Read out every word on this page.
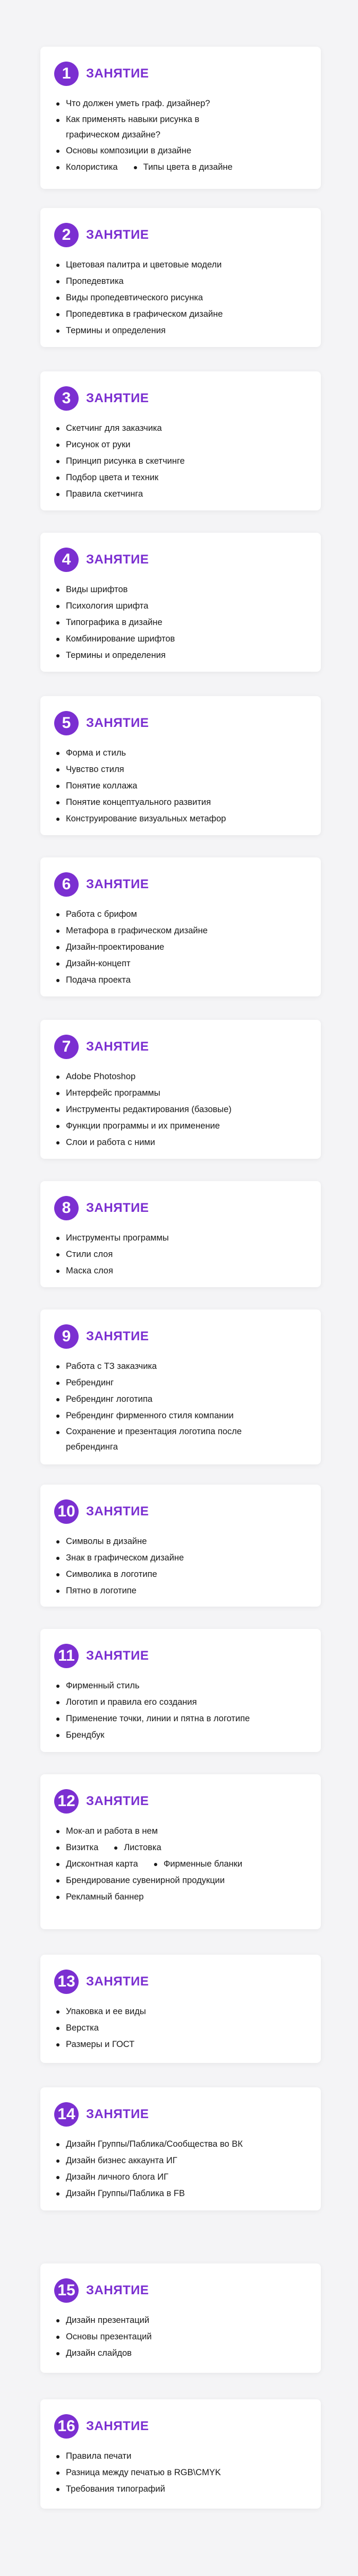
1	ЗАНЯТИЕ
Что должен уметь граф. дизайнер?
Как применять навыки рисунка в графическом дизайне?
Основы композиции в дизайне
Колористика	Типы цвета в дизайне
2	ЗАНЯТИЕ
Цветовая палитра и цветовые модели
Пропедевтика
Виды пропедевтического рисунка
Пропедевтика в графическом дизайне
Термины и определения
3	ЗАНЯТИЕ
Скетчинг для заказчика
Рисунок от руки
Принцип рисунка в скетчинге
Подбор цвета и техник
Правила скетчинга
4	ЗАНЯТИЕ
Виды шрифтов
Психология шрифта
Типографика в дизайне
Комбинирование шрифтов
Термины и определения
5	ЗАНЯТИЕ
Форма и стиль
Чувство стиля
Понятие коллажа
Понятие концептуального развития
Конструирование визуальных метафор
6	ЗАНЯТИЕ
Работа с брифом
Метафора в графическом дизайне
Дизайн-проектирование
Дизайн-концепт
Подача проекта
7	ЗАНЯТИЕ
Adobe Photoshop
Интерфейс программы
Инструменты редактирования (базовые)
Функции программы и их применение
Слои и работа с ними
8	ЗАНЯТИЕ
Инструменты программы
Стили слоя
Маска слоя
9	ЗАНЯТИЕ
Работа с ТЗ заказчика
Ребрендинг
Ребрендинг логотипа
Ребрендинг фирменного стиля компании
Сохранение и презентация логотипа после ребрендинга
10 ЗАНЯТИЕ
Символы в дизайне
Знак в графическом дизайне
Символика в логотипе
Пятно в логотипе
11 ЗАНЯТИЕ
Фирменный стиль
Логотип и правила его создания
Применение точки, линии и пятна в логотипе
Брендбук
12 ЗАНЯТИЕ
Мок-ап и работа в нем
Визитка	Листовка
Дисконтная карта	Фирменные бланки
Брендирование сувенирной продукции
Рекламный баннер
13 ЗАНЯТИЕ
Упаковка и ее виды
Верстка
Размеры и ГОСТ
14 ЗАНЯТИЕ
Дизайн Группы/Паблика/Сообщества во ВК
Дизайн бизнес аккаунта ИГ
Дизайн личного блога ИГ
Дизайн Группы/Паблика в FB
15 ЗАНЯТИЕ
Дизайн презентаций
Основы презентаций
Дизайн слайдов
16 ЗАНЯТИЕ
Правила печати
Разница между печатью в RGB\CMYK
Требования типографий
